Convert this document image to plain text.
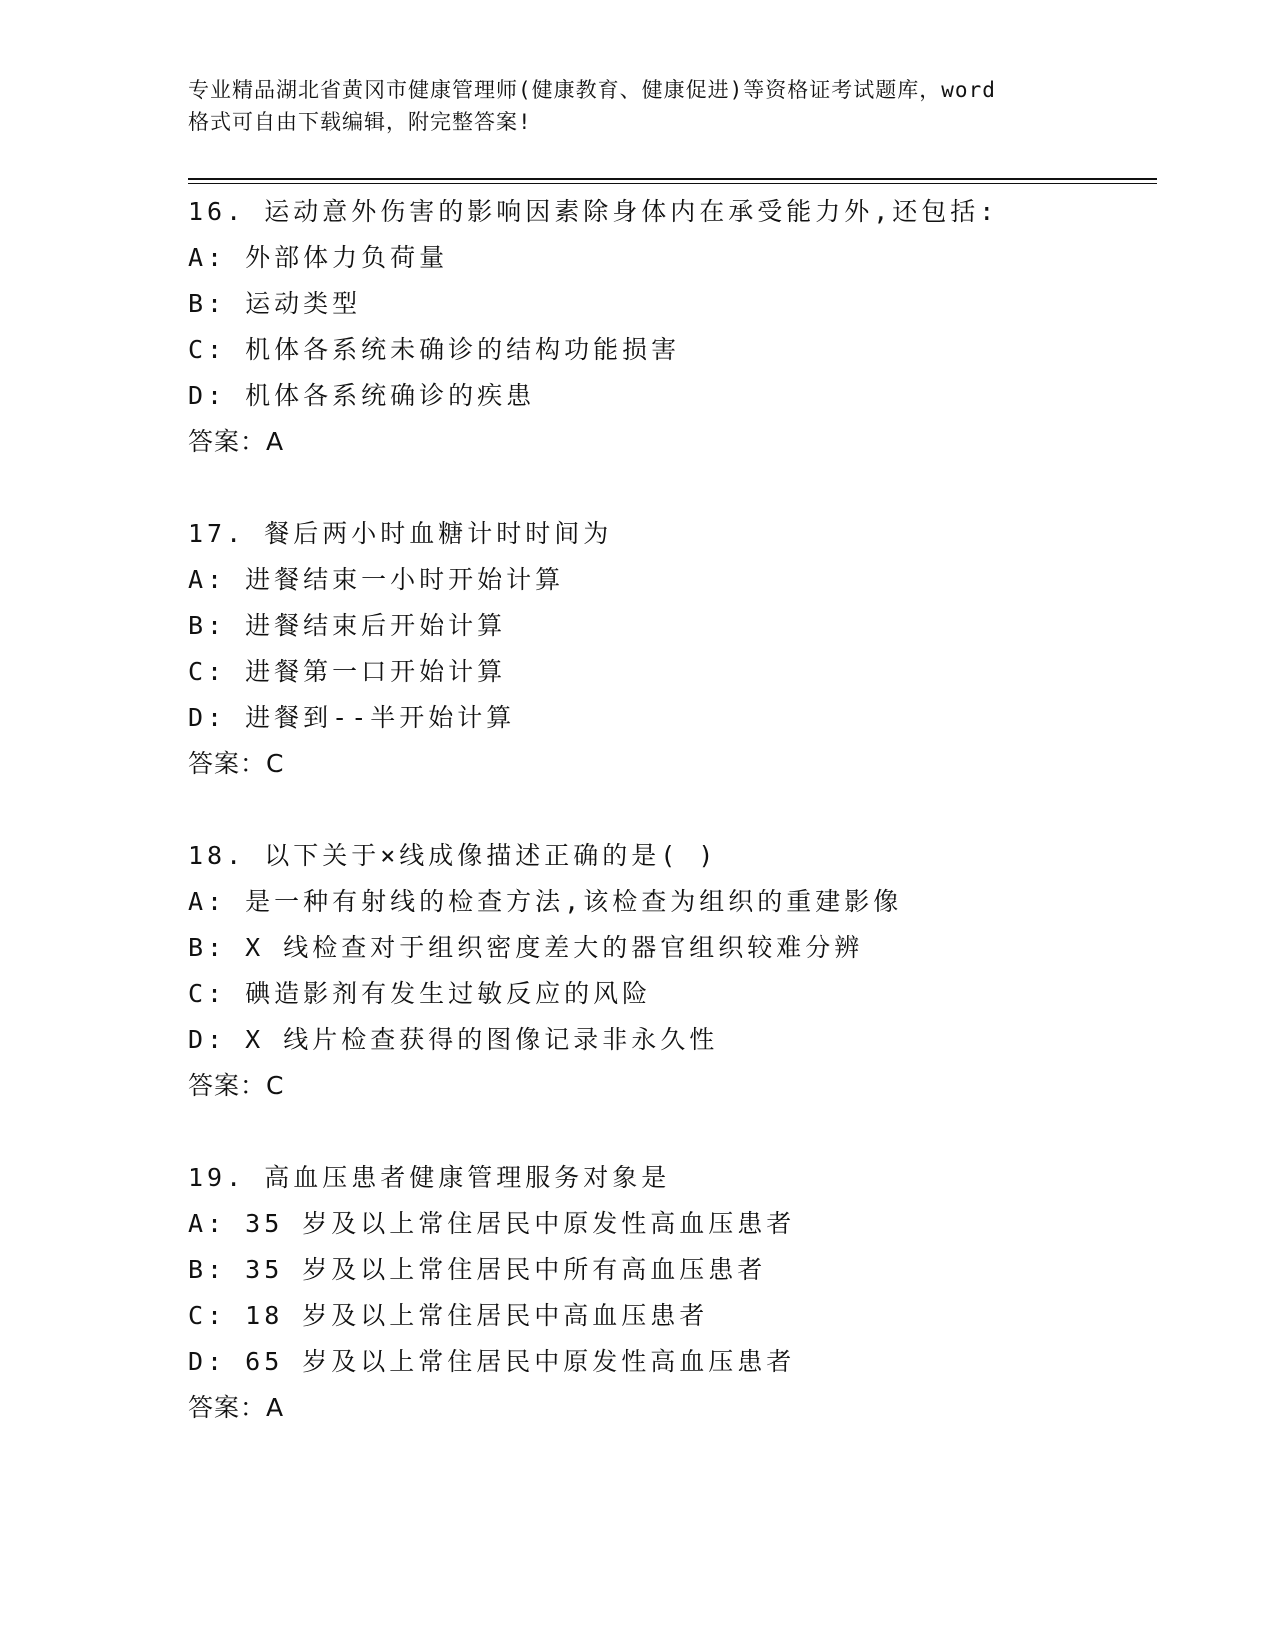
专业精品湖北省黄冈市健康管理师(健康教育、健康促进)等资格证考试题库，word
格式可自由下载编辑，附完整答案!
16. 运动意外伤害的影响因素除身体内在承受能力外,还包括:
A: 外部体力负荷量
B: 运动类型
C: 机体各系统未确诊的结构功能损害
D: 机体各系统确诊的疾患
答案：A
17. 餐后两小时血糖计时时间为
A: 进餐结束一小时开始计算
B: 进餐结束后开始计算
C: 进餐第一口开始计算
D: 进餐到--半开始计算
答案：C
18. 以下关于×线成像描述正确的是( )
A: 是一种有射线的检查方法,该检查为组织的重建影像
B: X 线检查对于组织密度差大的器官组织较难分辨
C: 碘造影剂有发生过敏反应的风险
D: X 线片检查获得的图像记录非永久性
答案：C
19. 高血压患者健康管理服务对象是
A: 35 岁及以上常住居民中原发性高血压患者
B: 35 岁及以上常住居民中所有高血压患者
C: 18 岁及以上常住居民中高血压患者
D: 65 岁及以上常住居民中原发性高血压患者
答案：A
